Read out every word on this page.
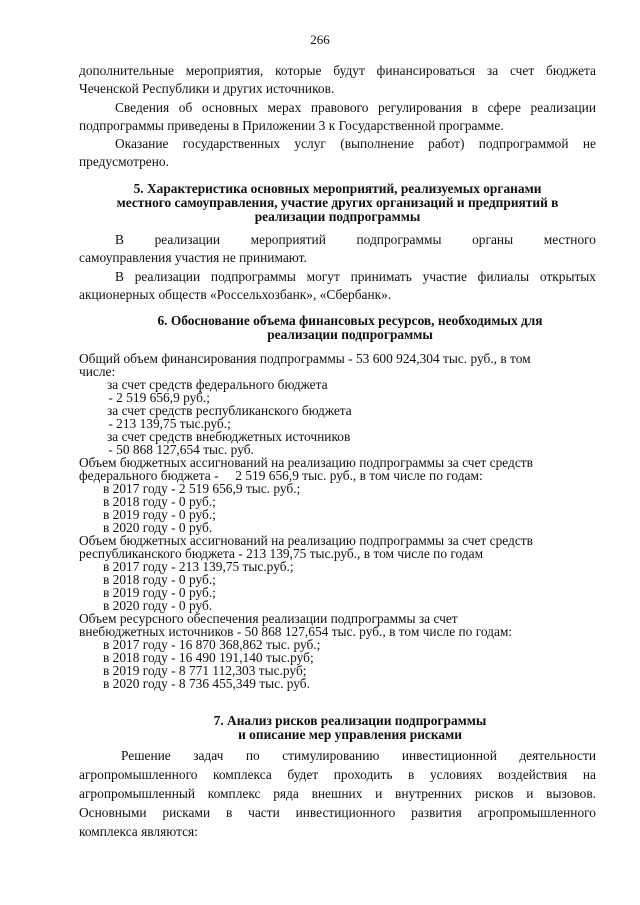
266

дополнительные мероприятия, которые будут финансироваться за счет бюджета

Чеченской Республики и других источников.

Сведения об основных мерах правового регулирования в сфере реализации

подпрограммы приведены в Приложении 3 к Государственной программе.

Оказание государственных услуг (выполнение работ) подпрограммой не

предусмотрено.

5. Характеристика основных мероприятий, реализуемых органами

местного самоуправления, участие других организаций и предприятий в

реализации подпрограммы

В реализации мероприятий подпрограммы органы местного

самоуправления участия не принимают.

В реализации подпрограммы могут принимать участие филиалы открытых

акционерных обществ «Россельхозбанк», «Сбербанк».

6. Обоснование объема финансовых ресурсов, необходимых для

реализации подпрограммы

Общий объем финансирования подпрограммы - 53 600 924,304 тыс. руб., в том

числе:

за счет средств федерального бюджета

- 2 519 656,9 руб.;

за счет средств республиканского бюджета

- 213 139,75 тыс.руб.;

за счет средств внебюджетных источников

- 50 868 127,654 тыс. руб.

Объем бюджетных ассигнований на реализацию подпрограммы за счет средств

федерального бюджета -     2 519 656,9 тыс. руб., в том числе по годам:

в 2017 году - 2 519 656,9 тыс. руб.;

в 2018 году - 0 руб.;

в 2019 году - 0 руб.;

в 2020 году - 0 руб.

Объем бюджетных ассигнований на реализацию подпрограммы за счет средств

республиканского бюджета - 213 139,75 тыс.руб., в том числе по годам

в 2017 году - 213 139,75 тыс.руб.;

в 2018 году - 0 руб.;

в 2019 году - 0 руб.;

в 2020 году - 0 руб.

Объем ресурсного обеспечения реализации подпрограммы за счет

внебюджетных источников - 50 868 127,654 тыс. руб., в том числе по годам:

в 2017 году - 16 870 368,862 тыс. руб.;

в 2018 году - 16 490 191,140 тыс.руб;

в 2019 году - 8 771 112,303 тыс.руб;

в 2020 году - 8 736 455,349 тыс. руб.

7. Анализ рисков реализации подпрограммы

и описание мер управления рисками

Решение задач по стимулированию инвестиционной деятельности

агропромышленного комплекса будет проходить в условиях воздействия на

агропромышленный комплекс ряда внешних и внутренних рисков и вызовов.

Основными рисками в части инвестиционного развития агропромышленного

комплекса являются:
